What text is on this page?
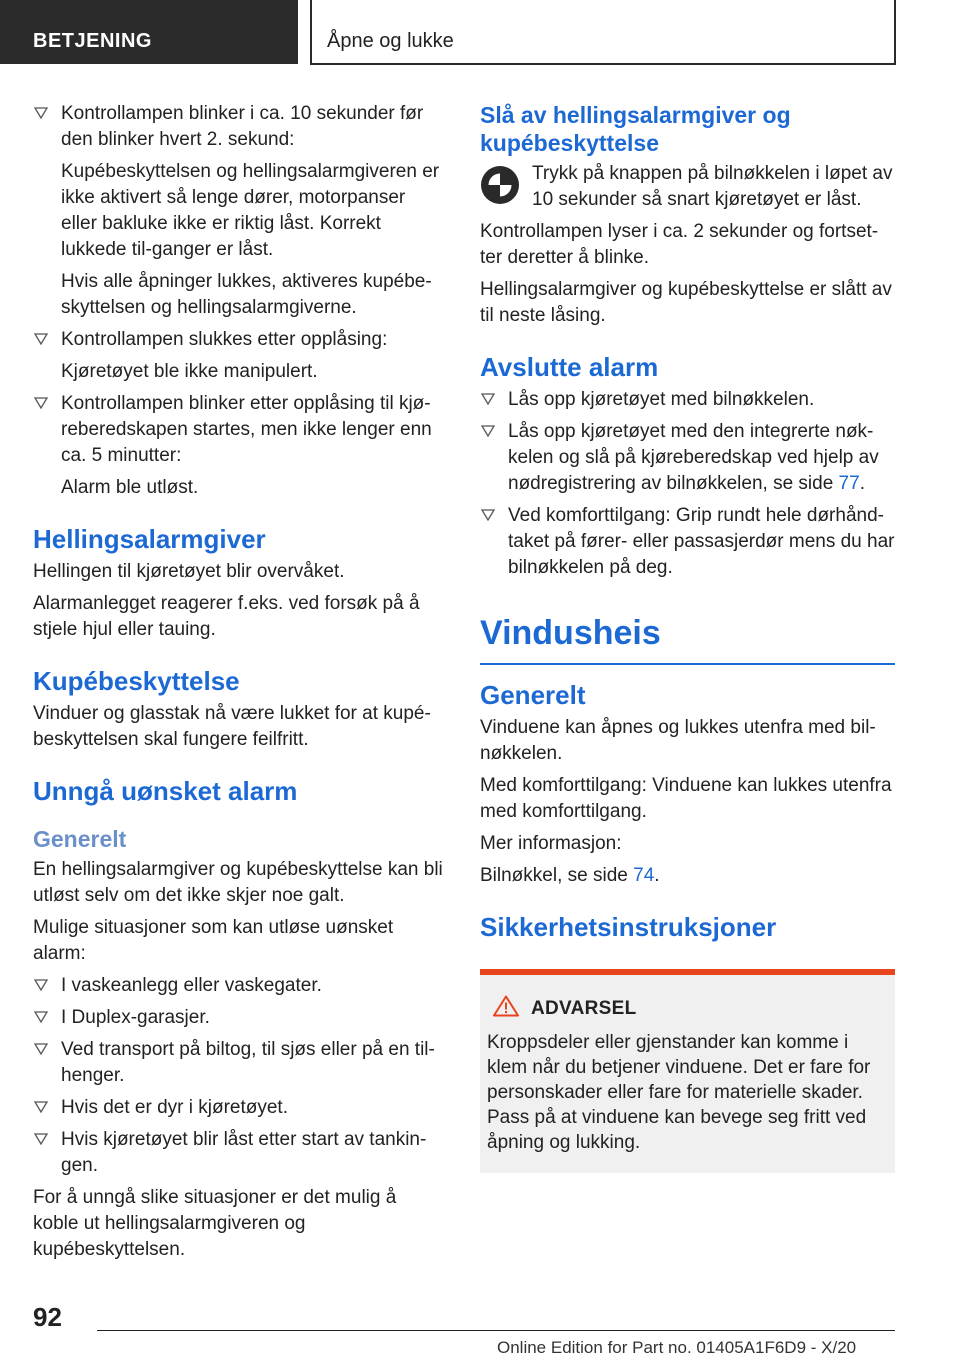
BETJENING	Åpne og lukke

Kontrollampen blinker i ca. 10 sekunder før den blinker hvert 2. sekund:

Kupébeskyttelsen og hellingsalarmgiveren er ikke aktivert så lenge dører, motorpanser eller bakluke ikke er riktig låst. Korrekt lukkede til-ganger er låst.

Hvis alle åpninger lukkes, aktiveres kupébe-skyttelsen og hellingsalarmgiverne.

Kontrollampen slukkes etter opplåsing:

Kjøretøyet ble ikke manipulert.

Kontrollampen blinker etter opplåsing til kjø-reberedskapen startes, men ikke lenger enn ca. 5 minutter:

Alarm ble utløst.

Hellingsalarmgiver

Hellingen til kjøretøyet blir overvåket.

Alarmanlegget reagerer f.eks. ved forsøk på å stjele hjul eller tauing.

Kupébeskyttelse

Vinduer og glasstak nå være lukket for at kupé-beskyttelsen skal fungere feilfritt.

Unngå uønsket alarm
Generelt

En hellingsalarmgiver og kupébeskyttelse kan bli utløst selv om det ikke skjer noe galt.

Mulige situasjoner som kan utløse uønsket alarm:

I vaskeanlegg eller vaskegater.

I Duplex-garasjer.

Ved transport på biltog, til sjøs eller på en til-henger.

Hvis det er dyr i kjøretøyet.

Hvis kjøretøyet blir låst etter start av tankin-gen.

For å unngå slike situasjoner er det mulig å koble ut hellingsalarmgiveren og kupébeskyttelsen.

Slå av hellingsalarmgiver og kupébeskyttelse

Trykk på knappen på bilnøkkelen i løpet av 10 sekunder så snart kjøretøyet er låst.

Kontrollampen lyser i ca. 2 sekunder og fortset-ter deretter å blinke.

Hellingsalarmgiver og kupébeskyttelse er slått av til neste låsing.

Avslutte alarm

Lås opp kjøretøyet med bilnøkkelen.

Lås opp kjøretøyet med den integrerte nøk-kelen og slå på kjøreberedskap ved hjelp av nødregistrering av bilnøkkelen, se side 77.

Ved komforttilgang: Grip rundt hele dørhånd-taket på fører- eller passasjerdør mens du har bilnøkkelen på deg.

Vindusheis
Generelt

Vinduene kan åpnes og lukkes utenfra med bil-nøkkelen.

Med komforttilgang: Vinduene kan lukkes utenfra med komforttilgang.

Mer informasjon:

Bilnøkkel, se side 74.

Sikkerhetsinstruksjoner
ADVARSEL

Kroppsdeler eller gjenstander kan komme i klem når du betjener vinduene. Det er fare for personskader eller fare for materielle skader. Pass på at vinduene kan bevege seg fritt ved åpning og lukking.

92
Online Edition for Part no. 01405A1F6D9 - X/20
